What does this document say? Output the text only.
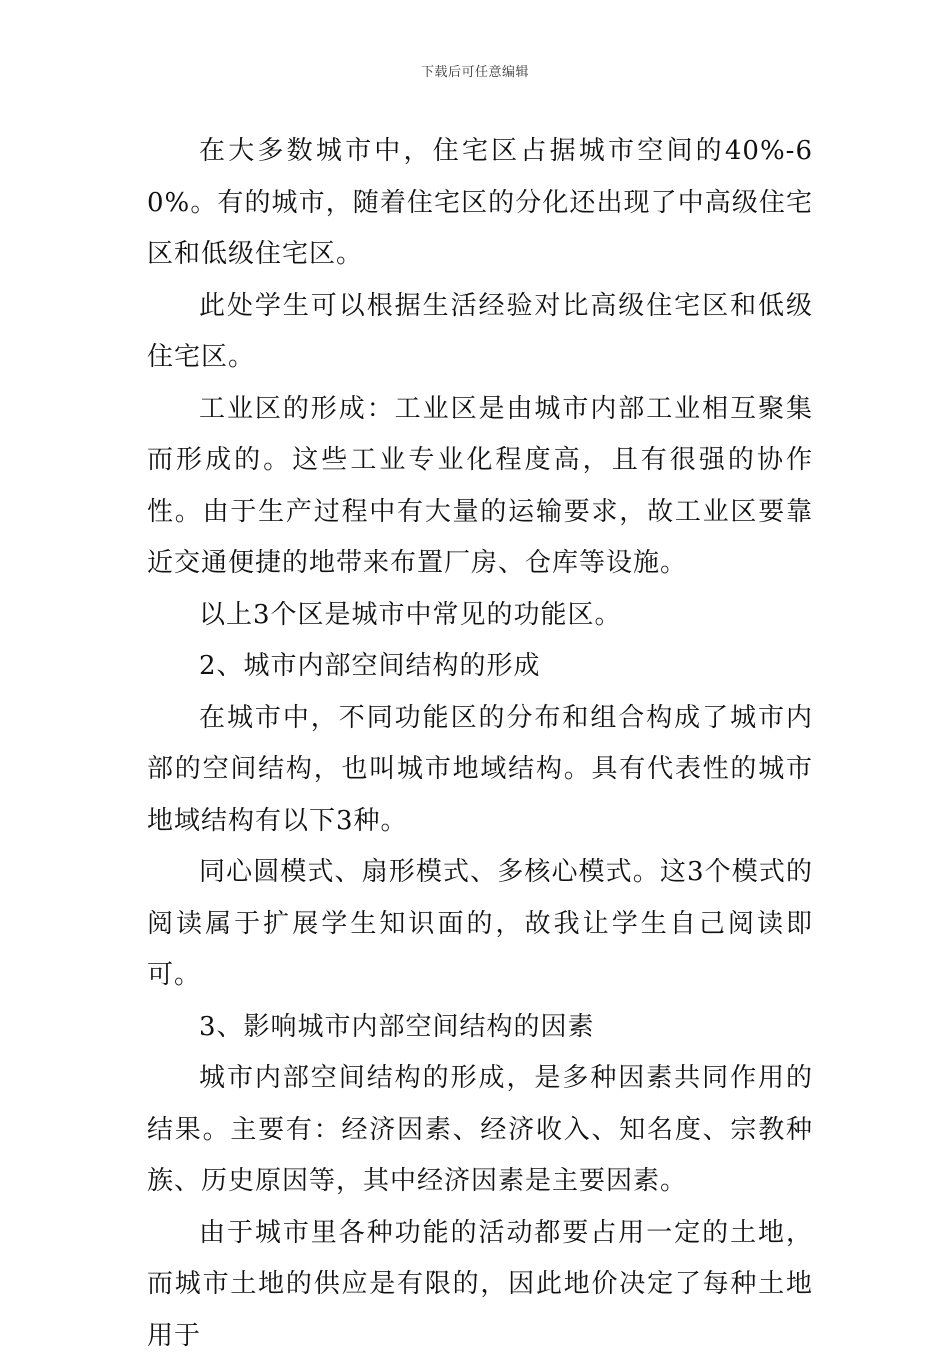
下载后可任意编辑

在大多数城市中，住宅区占据城市空间的40%-60%。有的城市，随着住宅区的分化还出现了中高级住宅区和低级住宅区。

此处学生可以根据生活经验对比高级住宅区和低级住宅区。

工业区的形成：工业区是由城市内部工业相互聚集而形成的。这些工业专业化程度高，且有很强的协作性。由于生产过程中有大量的运输要求，故工业区要靠近交通便捷的地带来布置厂房、仓库等设施。

以上3个区是城市中常见的功能区。

2、城市内部空间结构的形成

在城市中，不同功能区的分布和组合构成了城市内部的空间结构，也叫城市地域结构。具有代表性的城市地域结构有以下3种。

同心圆模式、扇形模式、多核心模式。这3个模式的阅读属于扩展学生知识面的，故我让学生自己阅读即可。

3、影响城市内部空间结构的因素

城市内部空间结构的形成，是多种因素共同作用的结果。主要有：经济因素、经济收入、知名度、宗教种族、历史原因等，其中经济因素是主要因素。

由于城市里各种功能的活动都要占用一定的土地，而城市土地的供应是有限的，因此地价决定了每种土地用于
